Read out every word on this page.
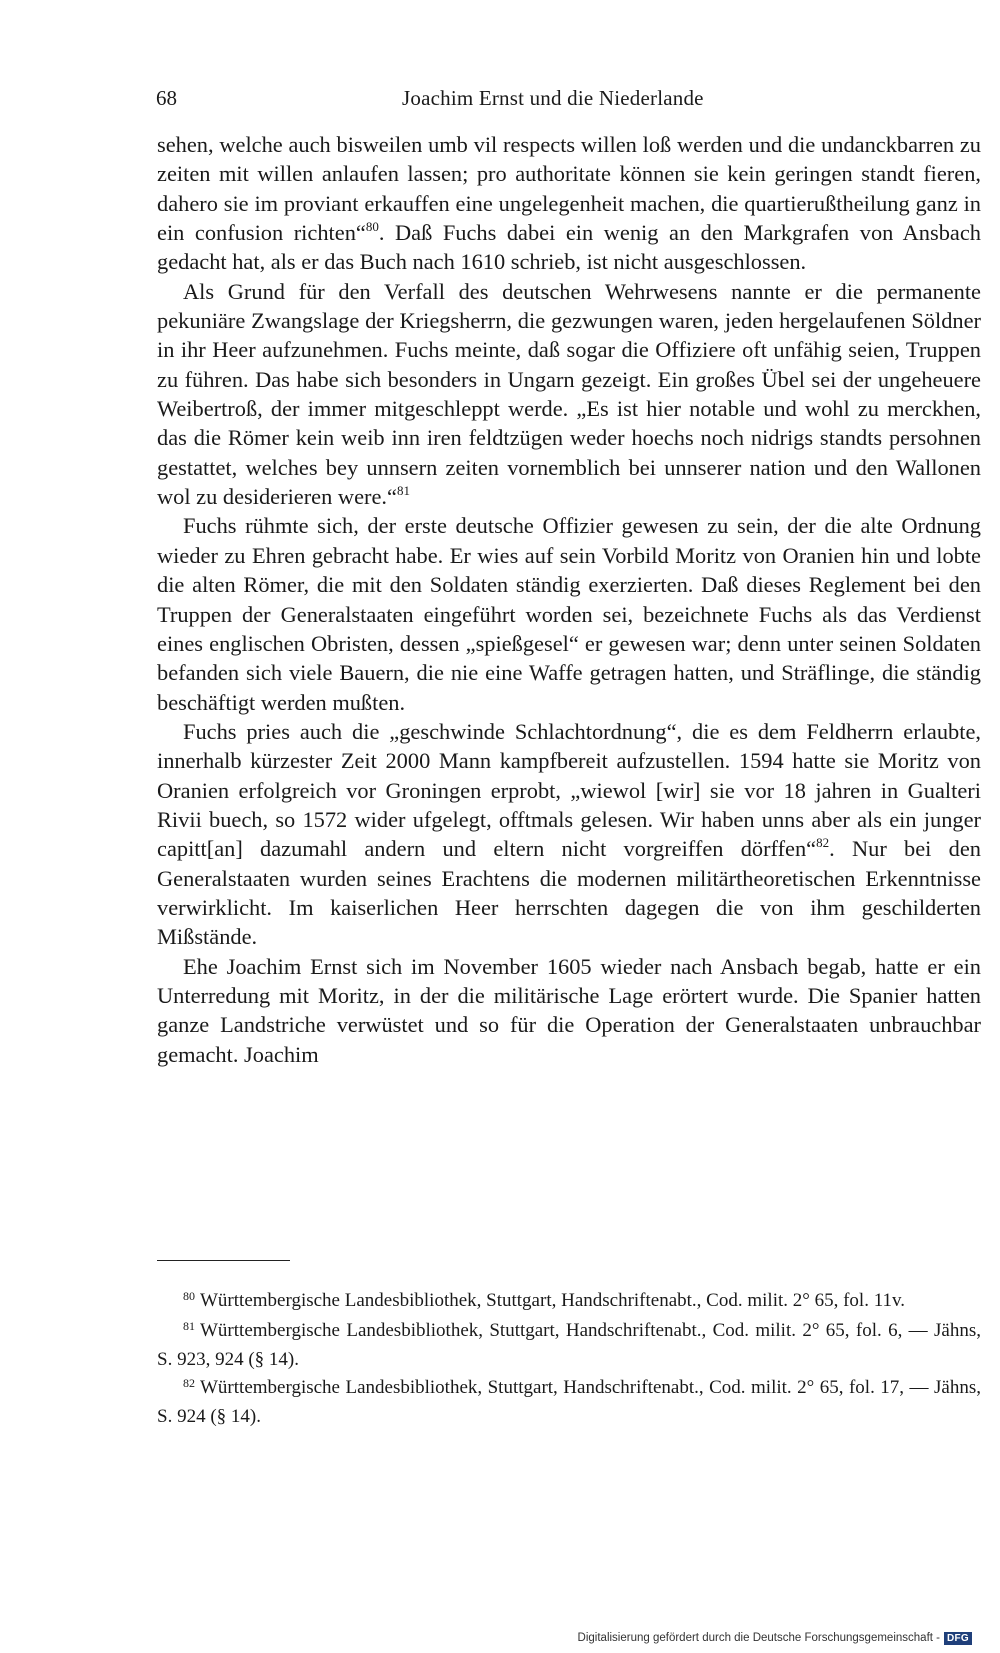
68	Joachim Ernst und die Niederlande

sehen, welche auch bisweilen umb vil respects willen loß werden und die undanckbarren zu zeiten mit willen anlaufen lassen; pro authoritate können sie kein geringen standt fieren, dahero sie im proviant erkauffen eine ungelegenheit machen, die quartierußtheilung ganz in ein confusion richten“$^{80}$. Daß Fuchs dabei ein wenig an den Markgrafen von Ansbach gedacht hat, als er das Buch nach 1610 schrieb, ist nicht ausgeschlossen.

Als Grund für den Verfall des deutschen Wehrwesens nannte er die permanente pekuniäre Zwangslage der Kriegsherrn, die gezwungen waren, jeden hergelaufenen Söldner in ihr Heer aufzunehmen. Fuchs meinte, daß sogar die Offiziere oft unfähig seien, Truppen zu führen. Das habe sich besonders in Ungarn gezeigt. Ein großes Übel sei der ungeheuere Weibertroß, der immer mitgeschleppt werde. „Es ist hier notable und wohl zu merckhen, das die Römer kein weib inn iren feldtzügen weder hoechs noch nidrigs standts persohnen gestattet, welches bey unnsern zeiten vornemblich bei unnserer nation und den Wallonen wol zu desiderieren were.“$^{81}$

Fuchs rühmte sich, der erste deutsche Offizier gewesen zu sein, der die alte Ordnung wieder zu Ehren gebracht habe. Er wies auf sein Vorbild Moritz von Oranien hin und lobte die alten Römer, die mit den Soldaten ständig exerzierten. Daß dieses Reglement bei den Truppen der Generalstaaten eingeführt worden sei, bezeichnete Fuchs als das Verdienst eines englischen Obristen, dessen „spießgesel“ er gewesen war; denn unter seinen Soldaten befanden sich viele Bauern, die nie eine Waffe getragen hatten, und Sträflinge, die ständig beschäftigt werden mußten.

Fuchs pries auch die „geschwinde Schlachtordnung“, die es dem Feldherrn erlaubte, innerhalb kürzester Zeit 2000 Mann kampfbereit aufzustellen. 1594 hatte sie Moritz von Oranien erfolgreich vor Groningen erprobt, „wiewol [wir] sie vor 18 jahren in Gualteri Rivii buech, so 1572 wider ufgelegt, offtmals gelesen. Wir haben unns aber als ein junger capitt[an] dazumahl andern und eltern nicht vorgreiffen dörffen“$^{82}$. Nur bei den Generalstaaten wurden seines Erachtens die modernen militärtheoretischen Erkenntnisse verwirklicht. Im kaiserlichen Heer herrschten dagegen die von ihm geschilderten Mißstände.

Ehe Joachim Ernst sich im November 1605 wieder nach Ansbach begab, hatte er ein Unterredung mit Moritz, in der die militärische Lage erörtert wurde. Die Spanier hatten ganze Landstriche verwüstet und so für die Operation der Generalstaaten unbrauchbar gemacht. Joachim

$^{80}$ Württembergische Landesbibliothek, Stuttgart, Handschriftenabt., Cod. milit. 2° 65, fol. 11v.

$^{81}$ Württembergische Landesbibliothek, Stuttgart, Handschriftenabt., Cod. milit. 2° 65, fol. 6, — Jähns, S. 923, 924 (§ 14).

$^{82}$ Württembergische Landesbibliothek, Stuttgart, Handschriftenabt., Cod. milit. 2° 65, fol. 17, — Jähns, S. 924 (§ 14).

Digitalisierung gefördert durch die Deutsche Forschungsgemeinschaft - DFG
